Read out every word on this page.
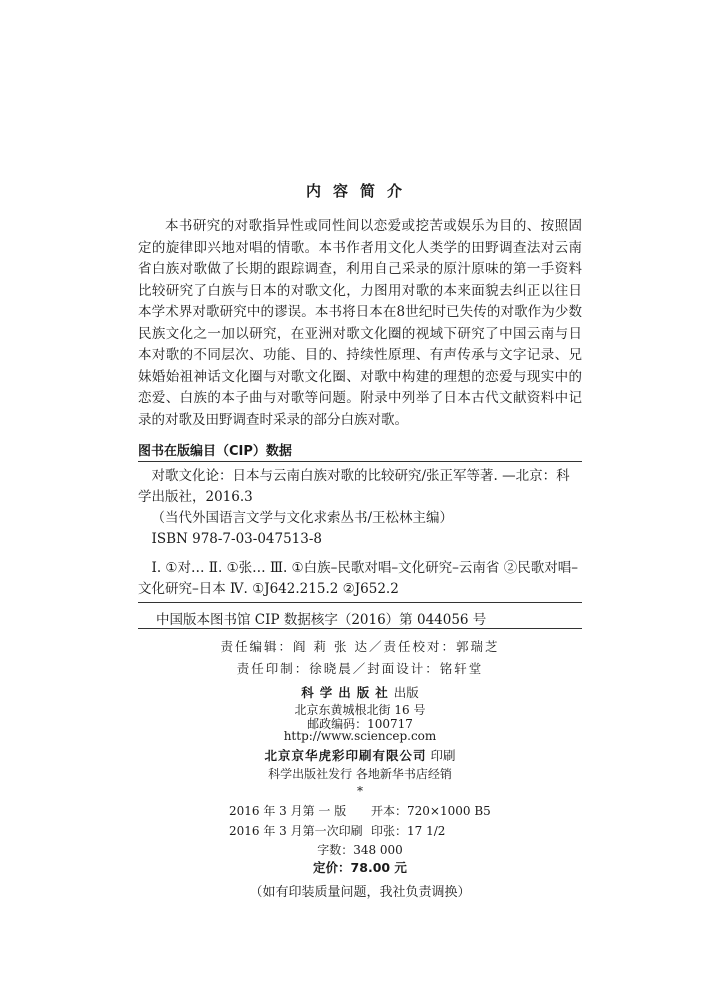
内容简介

本书研究的对歌指异性或同性间以恋爱或挖苦或娱乐为目的、按照固定的旋律即兴地对唱的情歌。本书作者用文化人类学的田野调查法对云南省白族对歌做了长期的跟踪调查，利用自己采录的原汁原味的第一手资料比较研究了白族与日本的对歌文化，力图用对歌的本来面貌去纠正以往日本学术界对歌研究中的谬误。本书将日本在8世纪时已失传的对歌作为少数民族文化之一加以研究，在亚洲对歌文化圈的视域下研究了中国云南与日本对歌的不同层次、功能、目的、持续性原理、有声传承与文字记录、兄妹婚始祖神话文化圈与对歌文化圈、对歌中构建的理想的恋爱与现实中的恋爱、白族的本子曲与对歌等问题。附录中列举了日本古代文献资料中记录的对歌及田野调查时采录的部分白族对歌。

图书在版编目（CIP）数据

对歌文化论：日本与云南白族对歌的比较研究/张正军等著. —北京：科学出版社，2016.3

（当代外国语言文学与文化求索丛书/王松林主编）

ISBN 978-7-03-047513-8

Ⅰ. ①对… Ⅱ. ①张… Ⅲ. ①白族–民歌对唱–文化研究–云南省 ②民歌对唱–文化研究–日本 Ⅳ. ①J642.215.2 ②J652.2

中国版本图书馆 CIP 数据核字（2016）第 044056 号
责任编辑：阎 莉 张 达／责任校对：郭瑞芝
责任印制：徐晓晨／封面设计：铭轩堂
科学出版社出版
北京东黄城根北街 16 号
邮政编码：100717
http://www.sciencep.com
北京京华虎彩印刷有限公司 印刷
科学出版社发行 各地新华书店经销
*
2016 年 3 月第 一 版 开本：720×1000 B5
2016 年 3 月第一次印刷 印张：17 1/2
字数：348 000
定价：78.00 元
（如有印装质量问题，我社负责调换）
